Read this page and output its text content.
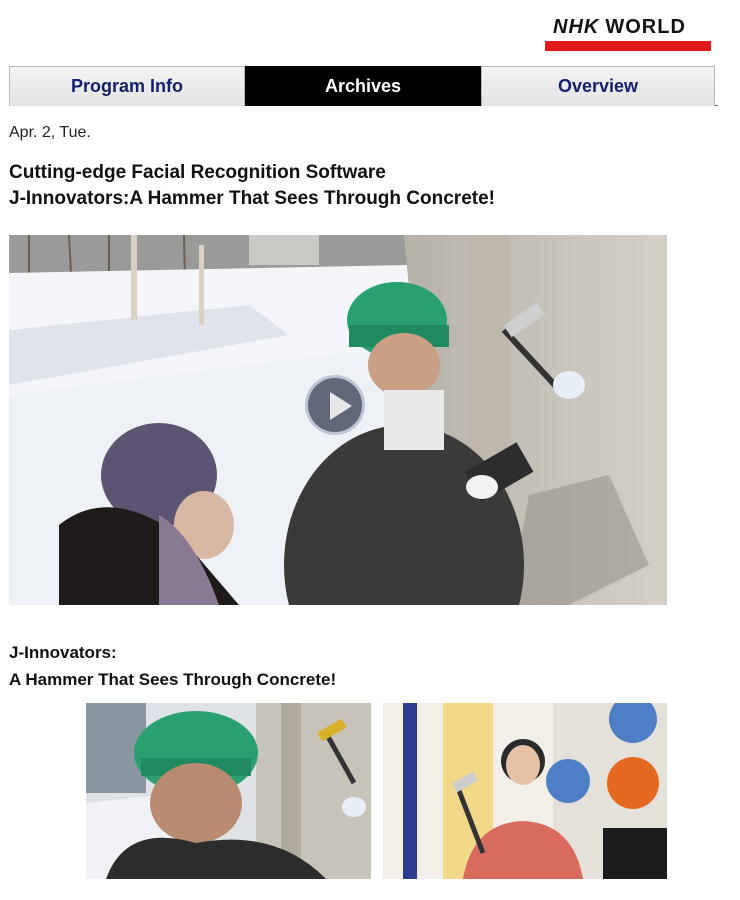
NHK WORLD
Program Info	Archives	Overview
Apr. 2, Tue.
Cutting-edge Facial Recognition Software
J-Innovators:A Hammer That Sees Through Concrete!
J-Innovators:
A Hammer That Sees Through Concrete!
